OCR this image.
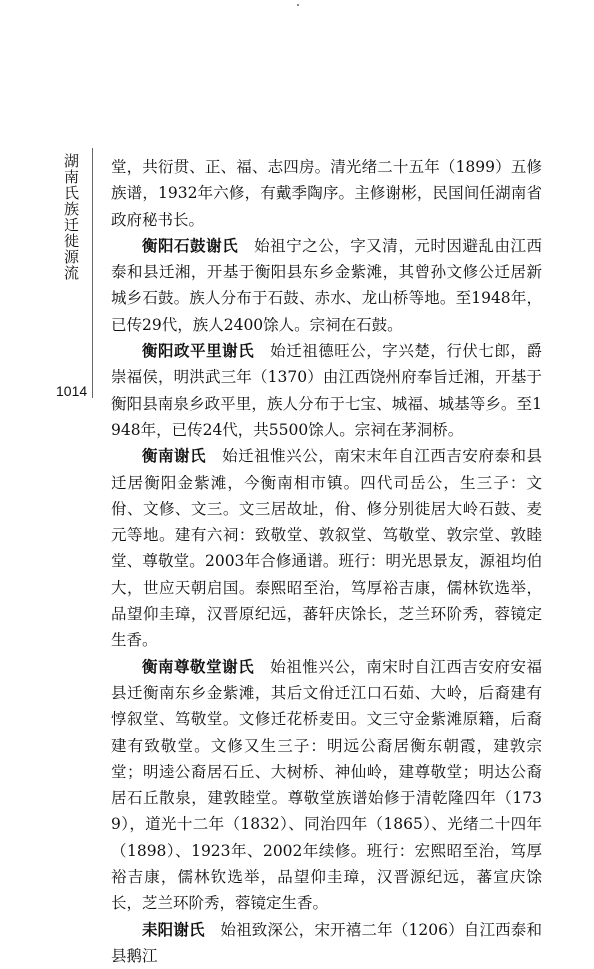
湖南氏族迁徙源流
1014

堂，共衍贯、正、福、志四房。清光绪二十五年（1899）五修族谱，1932年六修，有戴季陶序。主修谢彬，民国间任湖南省政府秘书长。

衡阳石鼓谢氏　 始祖宁之公，字又清，元时因避乱由江西泰和县迁湘，开基于衡阳县东乡金紫滩，其曾孙文修公迁居新城乡石鼓。族人分布于石鼓、赤水、龙山桥等地。至1948年，已传29代，族人2400馀人。宗祠在石鼓。

衡阳政平里谢氏　 始迁祖德旺公，字兴楚，行伏七郎，爵崇福侯，明洪武三年（1370）由江西饶州府奉旨迁湘，开基于衡阳县南泉乡政平里，族人分布于七宝、城福、城基等乡。至1948年，已传24代，共5500馀人。宗祠在茅洞桥。

衡南谢氏　 始迁祖惟兴公，南宋末年自江西吉安府泰和县迁居衡阳金紫滩，今衡南相市镇。四代司岳公，生三子：文佾、文修、文三。文三居故址，佾、修分别徙居大岭石鼓、麦元等地。建有六祠：致敬堂、敦叙堂、笃敬堂、敦宗堂、敦睦堂、尊敬堂。2003年合修通谱。班行：明光思景友，源祖均伯大，世应天朝启国。泰熙昭至治，笃厚裕吉康，儒林钦选举，品望仰圭璋，汉晋原纪远，蕃轩庆馀长，芝兰环阶秀，蓉镜定生香。

衡南尊敬堂谢氏　 始祖惟兴公，南宋时自江西吉安府安福县迁衡南东乡金紫滩，其后文佾迁江口石茹、大岭，后裔建有惇叙堂、笃敬堂。文修迁花桥麦田。文三守金紫滩原籍，后裔建有致敬堂。文修又生三子：明远公裔居衡东朝霞，建敦宗堂；明逵公裔居石丘、大树桥、神仙岭，建尊敬堂；明达公裔居石丘散泉，建敦睦堂。尊敬堂族谱始修于清乾隆四年（1739），道光十二年（1832）、同治四年（1865）、光绪二十四年（1898）、1923年、2002年续修。班行：宏熙昭至治，笃厚裕吉康，儒林钦选举，品望仰圭璋，汉晋源纪远，蕃宣庆馀长，芝兰环阶秀，蓉镜定生香。

耒阳谢氏　 始祖致深公，宋开禧二年（1206）自江西泰和县鹅江
